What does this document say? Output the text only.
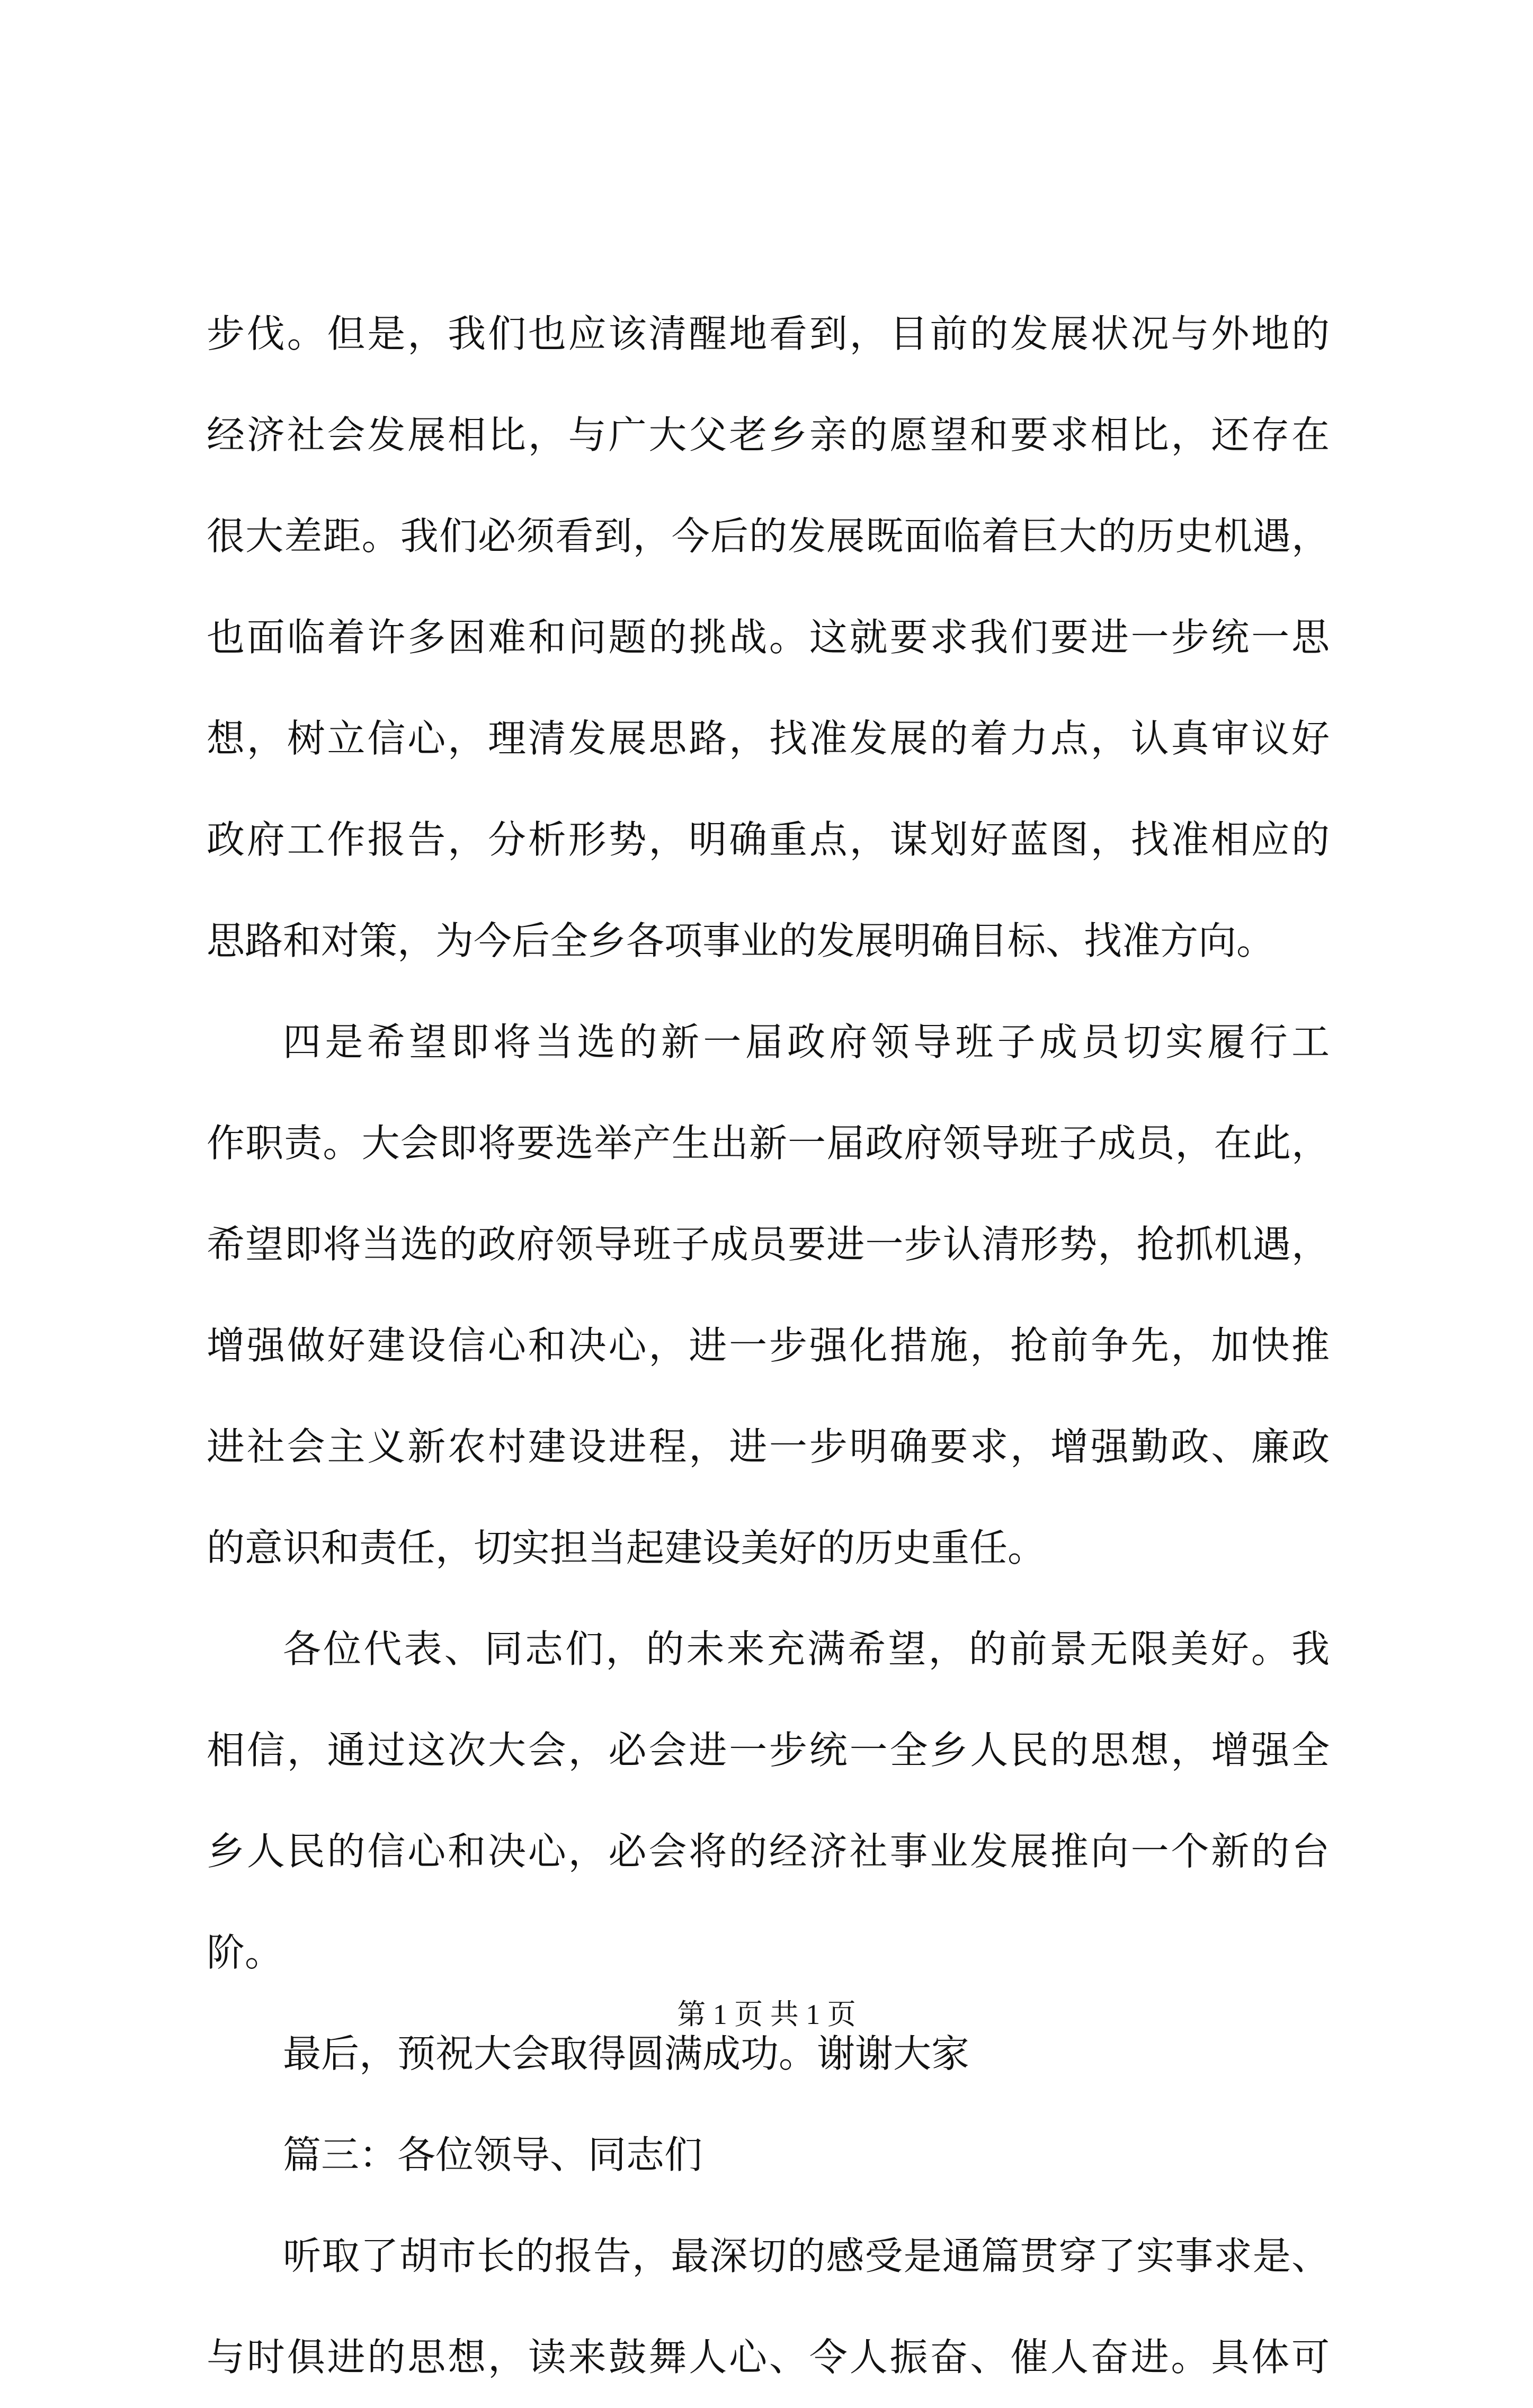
步伐。但是，我们也应该清醒地看到，目前的发展状况与外地的
经济社会发展相比，与广大父老乡亲的愿望和要求相比，还存在
很大差距。我们必须看到，今后的发展既面临着巨大的历史机遇，
也面临着许多困难和问题的挑战。这就要求我们要进一步统一思
想，树立信心，理清发展思路，找准发展的着力点，认真审议好
政府工作报告，分析形势，明确重点，谋划好蓝图，找准相应的
思路和对策，为今后全乡各项事业的发展明确目标、找准方向。
四是希望即将当选的新一届政府领导班子成员切实履行工
作职责。大会即将要选举产生出新一届政府领导班子成员，在此，
希望即将当选的政府领导班子成员要进一步认清形势，抢抓机遇，
增强做好建设信心和决心，进一步强化措施，抢前争先，加快推
进社会主义新农村建设进程，进一步明确要求，增强勤政、廉政
的意识和责任，切实担当起建设美好的历史重任。
各位代表、同志们，的未来充满希望，的前景无限美好。我
相信，通过这次大会，必会进一步统一全乡人民的思想，增强全
乡人民的信心和决心，必会将的经济社事业发展推向一个新的台
阶。
最后，预祝大会取得圆满成功。谢谢大家
篇三：各位领导、同志们
听取了胡市长的报告，最深切的感受是通篇贯穿了实事求是、
与时俱进的思想，读来鼓舞人心、令人振奋、催人奋进。具体可
第 1 页 共 1 页
